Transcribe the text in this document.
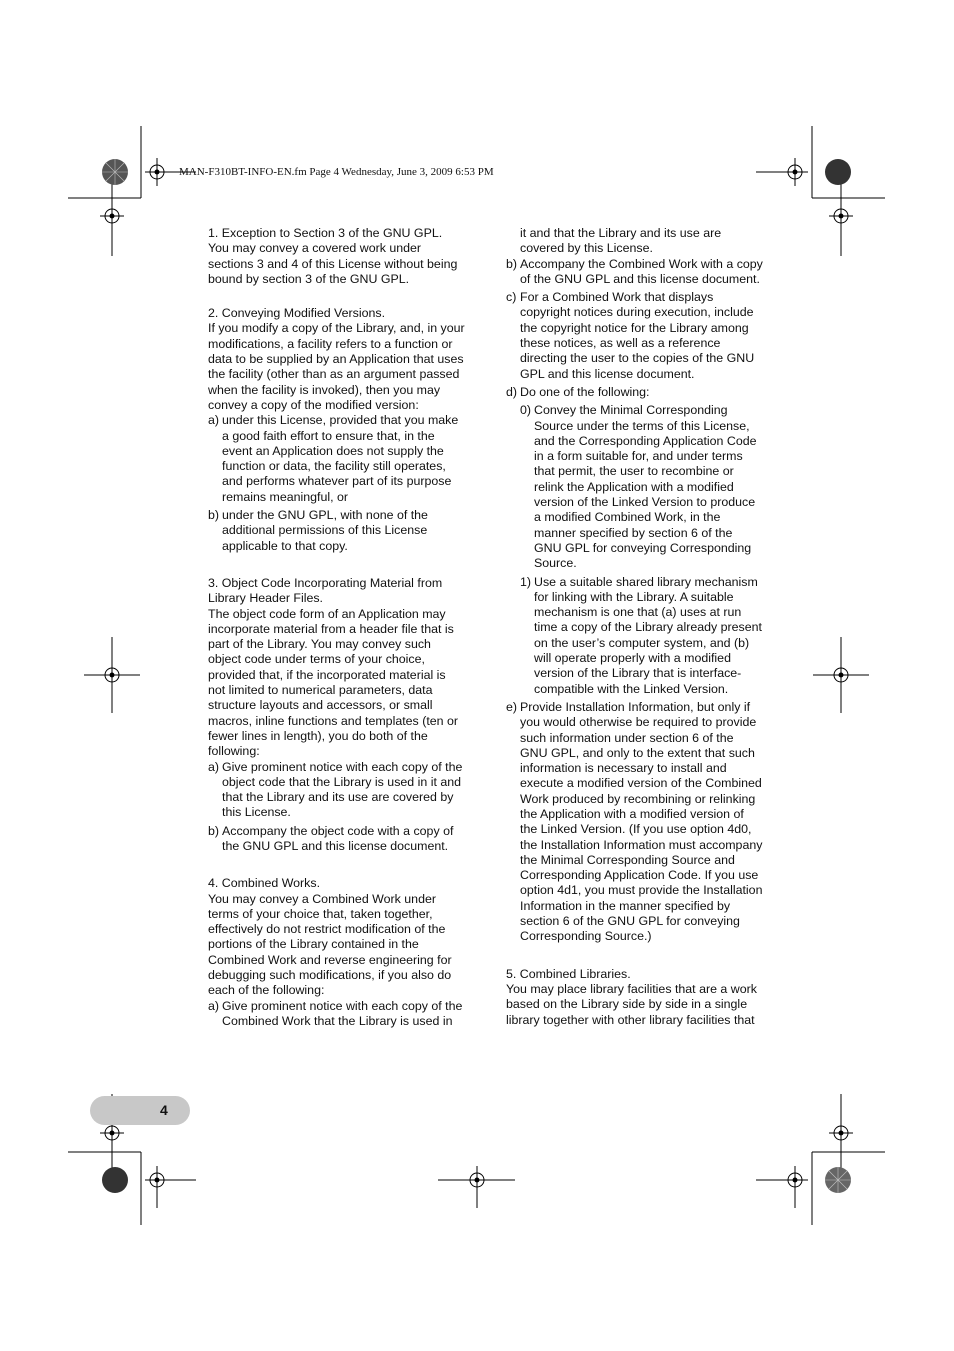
MAN-F310BT-INFO-EN.fm Page 4 Wednesday, June 3, 2009 6:53 PM

1. Exception to Section 3 of the GNU GPL.

You may convey a covered work under sections 3 and 4 of this License without being bound by section 3 of the GNU GPL.

2. Conveying Modified Versions.

If you modify a copy of the Library, and, in your modifications, a facility refers to a function or data to be supplied by an Application that uses the facility (other than as an argument passed when the facility is invoked), then you may convey a copy of the modified version:

a) under this License, provided that you make a good faith effort to ensure that, in the event an Application does not supply the function or data, the facility still operates, and performs whatever part of its purpose remains meaningful, or
b) under the GNU GPL, with none of the additional permissions of this License applicable to that copy.

3. Object Code Incorporating Material from Library Header Files.

The object code form of an Application may incorporate material from a header file that is part of the Library. You may convey such object code under terms of your choice, provided that, if the incorporated material is not limited to numerical parameters, data structure layouts and accessors, or small macros, inline functions and templates (ten or fewer lines in length), you do both of the following:

a) Give prominent notice with each copy of the object code that the Library is used in it and that the Library and its use are covered by this License.
b) Accompany the object code with a copy of the GNU GPL and this license document.

4. Combined Works.

You may convey a Combined Work under terms of your choice that, taken together, effectively do not restrict modification of the portions of the Library contained in the Combined Work and reverse engineering for debugging such modifications, if you also do each of the following:

a) Give prominent notice with each copy of the Combined Work that the Library is used in

it and that the Library and its use are covered by this License.

b) Accompany the Combined Work with a copy of the GNU GPL and this license document.
c) For a Combined Work that displays copyright notices during execution, include the copyright notice for the Library among these notices, as well as a reference directing the user to the copies of the GNU GPL and this license document.
d) Do one of the following:
0) Convey the Minimal Corresponding Source under the terms of this License, and the Corresponding Application Code in a form suitable for, and under terms that permit, the user to recombine or relink the Application with a modified version of the Linked Version to produce a modified Combined Work, in the manner specified by section 6 of the GNU GPL for conveying Corresponding Source.
1) Use a suitable shared library mechanism for linking with the Library. A suitable mechanism is one that (a) uses at run time a copy of the Library already present on the user’s computer system, and (b) will operate properly with a modified version of the Library that is interface-compatible with the Linked Version.
e) Provide Installation Information, but only if you would otherwise be required to provide such information under section 6 of the GNU GPL, and only to the extent that such information is necessary to install and execute a modified version of the Combined Work produced by recombining or relinking the Application with a modified version of the Linked Version. (If you use option 4d0, the Installation Information must accompany the Minimal Corresponding Source and Corresponding Application Code. If you use option 4d1, you must provide the Installation Information in the manner specified by section 6 of the GNU GPL for conveying Corresponding Source.)

5. Combined Libraries.

You may place library facilities that are a work based on the Library side by side in a single library together with other library facilities that

4
